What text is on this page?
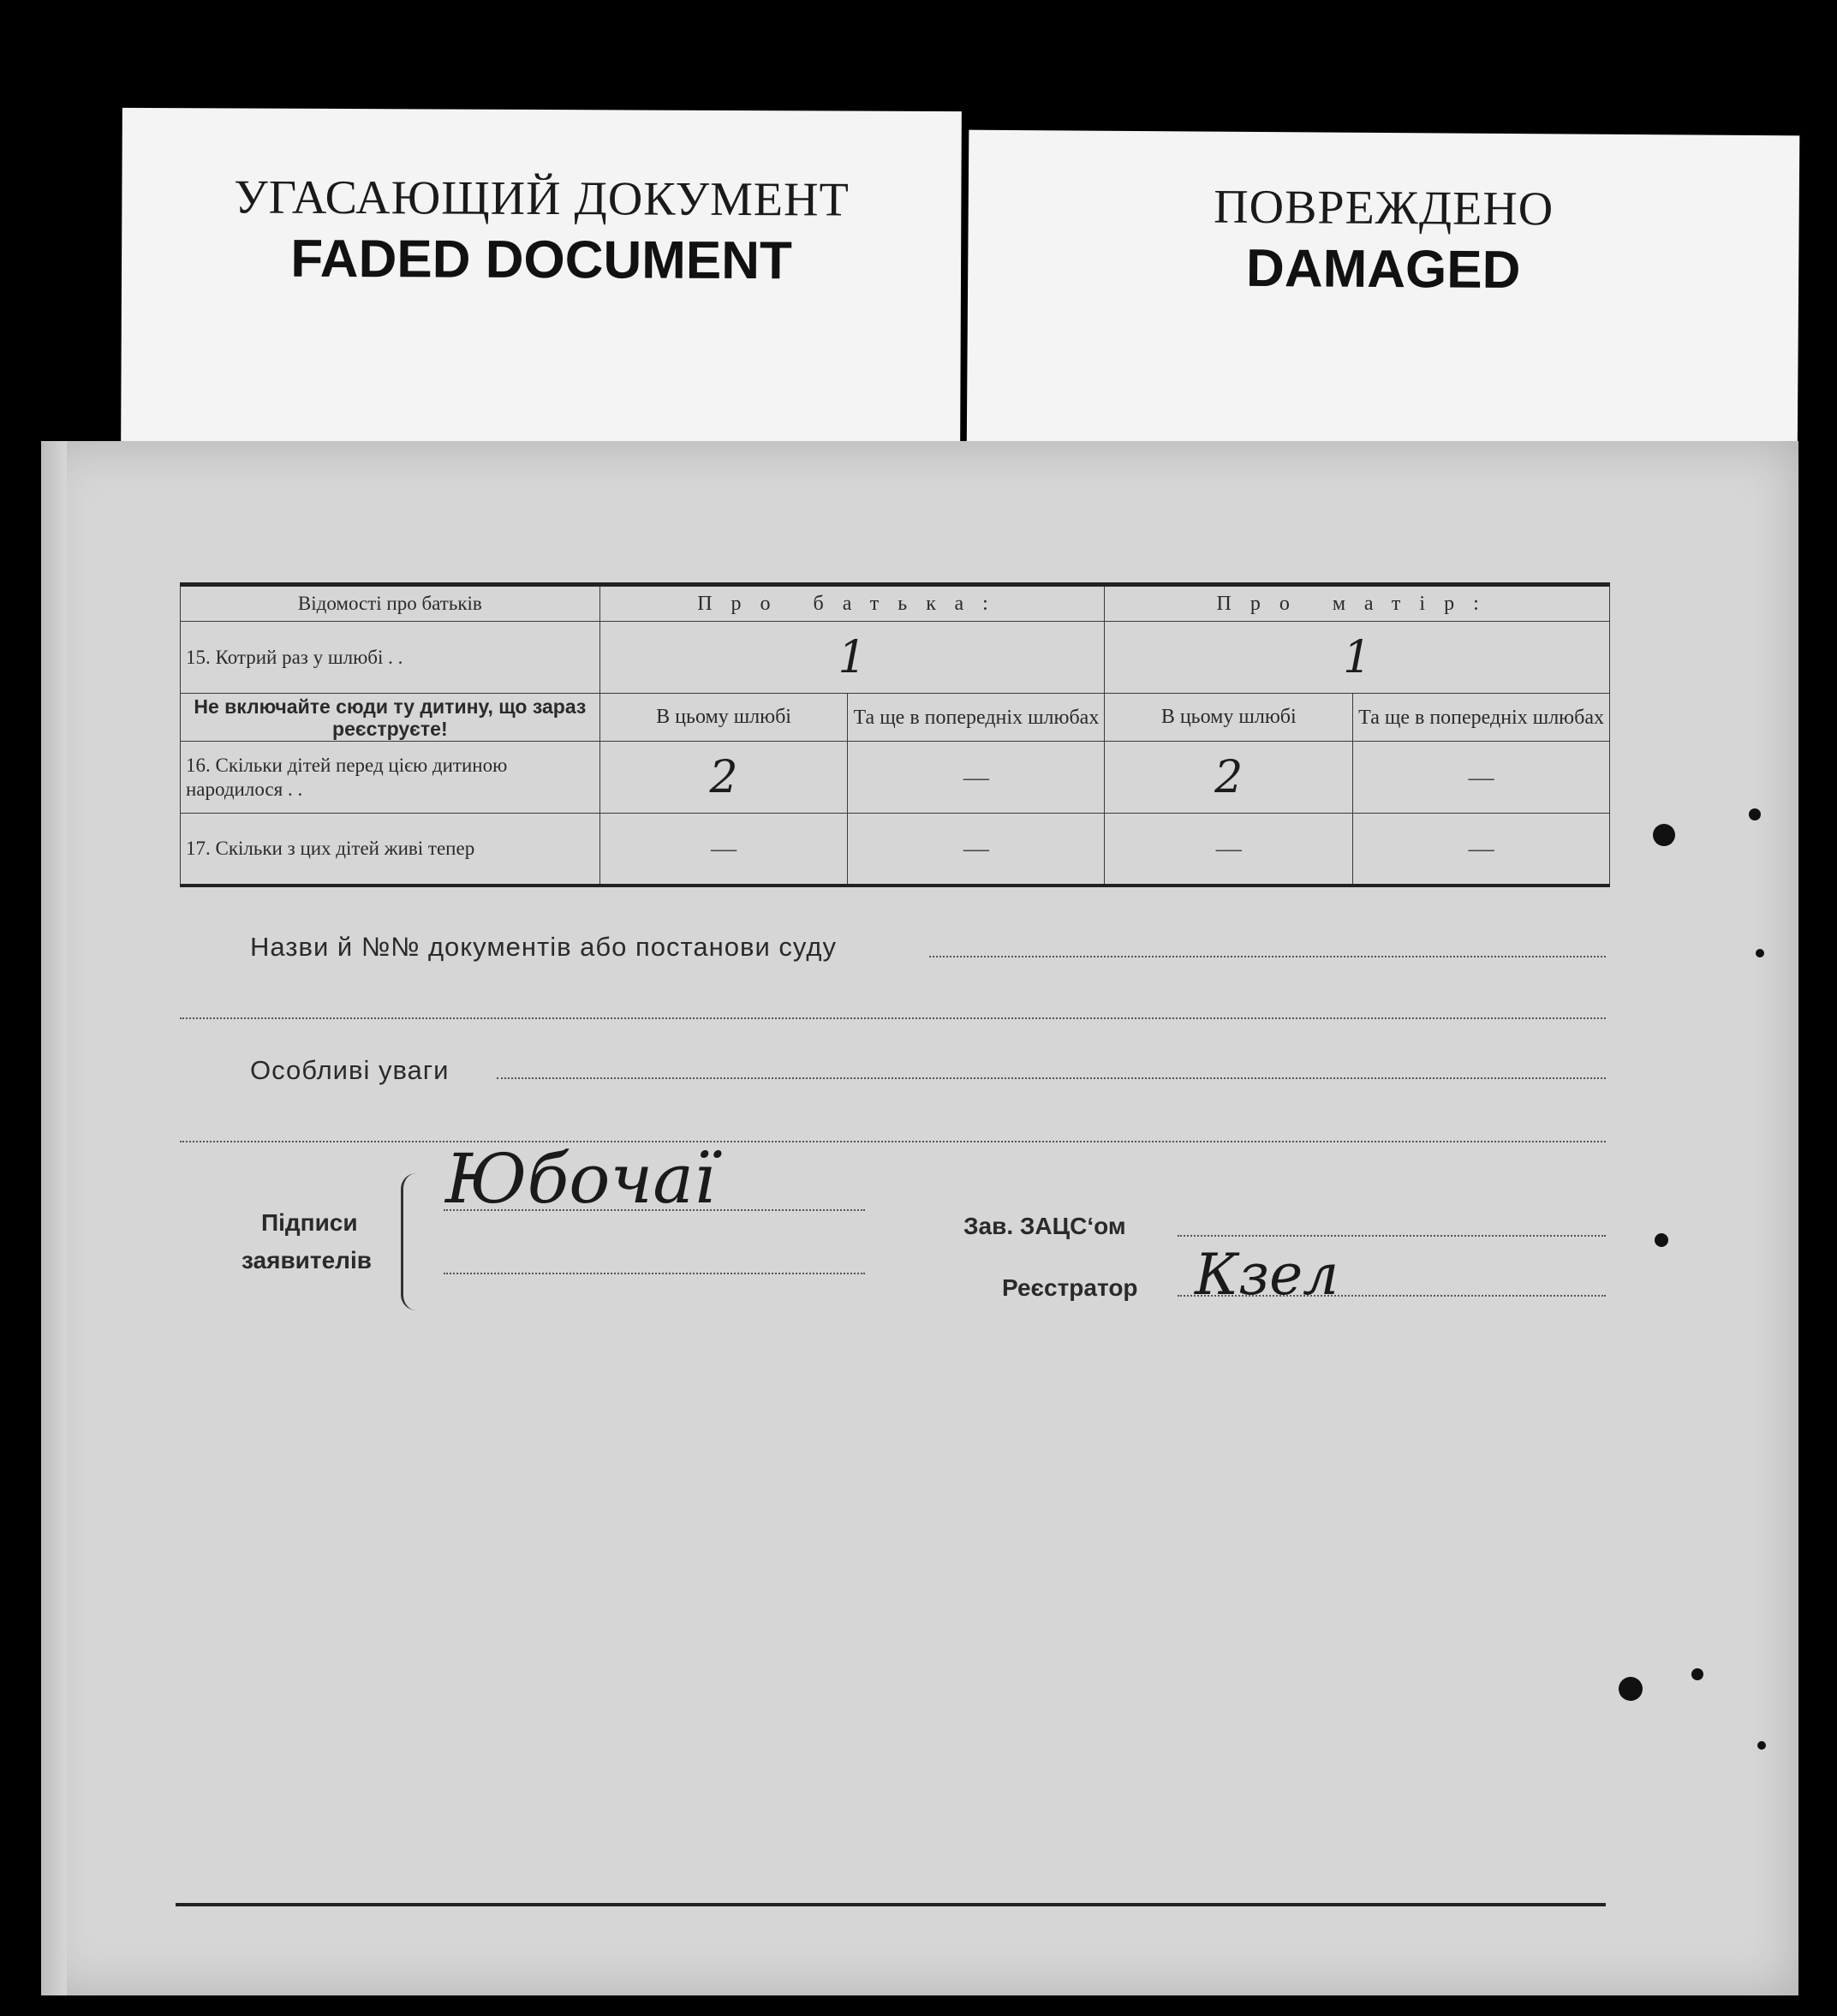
УГАСАЮЩИЙ ДОКУМЕНТ
FADED DOCUMENT
ПОВРЕЖДЕНО
DAMAGED
Відомості про батьків	Про батька:		Про матір:	
15. Котрий раз у шлюбі . .	1		1	
Не включайте сюди ту дитину, що зараз реєструєте!	В цьому шлюбі	Та ще в попередніх шлюбах	В цьому шлюбі	Та ще в попередніх шлюбах
16. Скільки дітей перед цією дитиною народилося . .	2	—	2	—
17. Скільки з цих дітей живі тепер	—	—	—	—
Назви й №№ документів або постанови суду
Особливі уваги
Підписи
заявителів
Юбочаї
Зав. ЗАЦС‘ом
Реєстратор Кзел
